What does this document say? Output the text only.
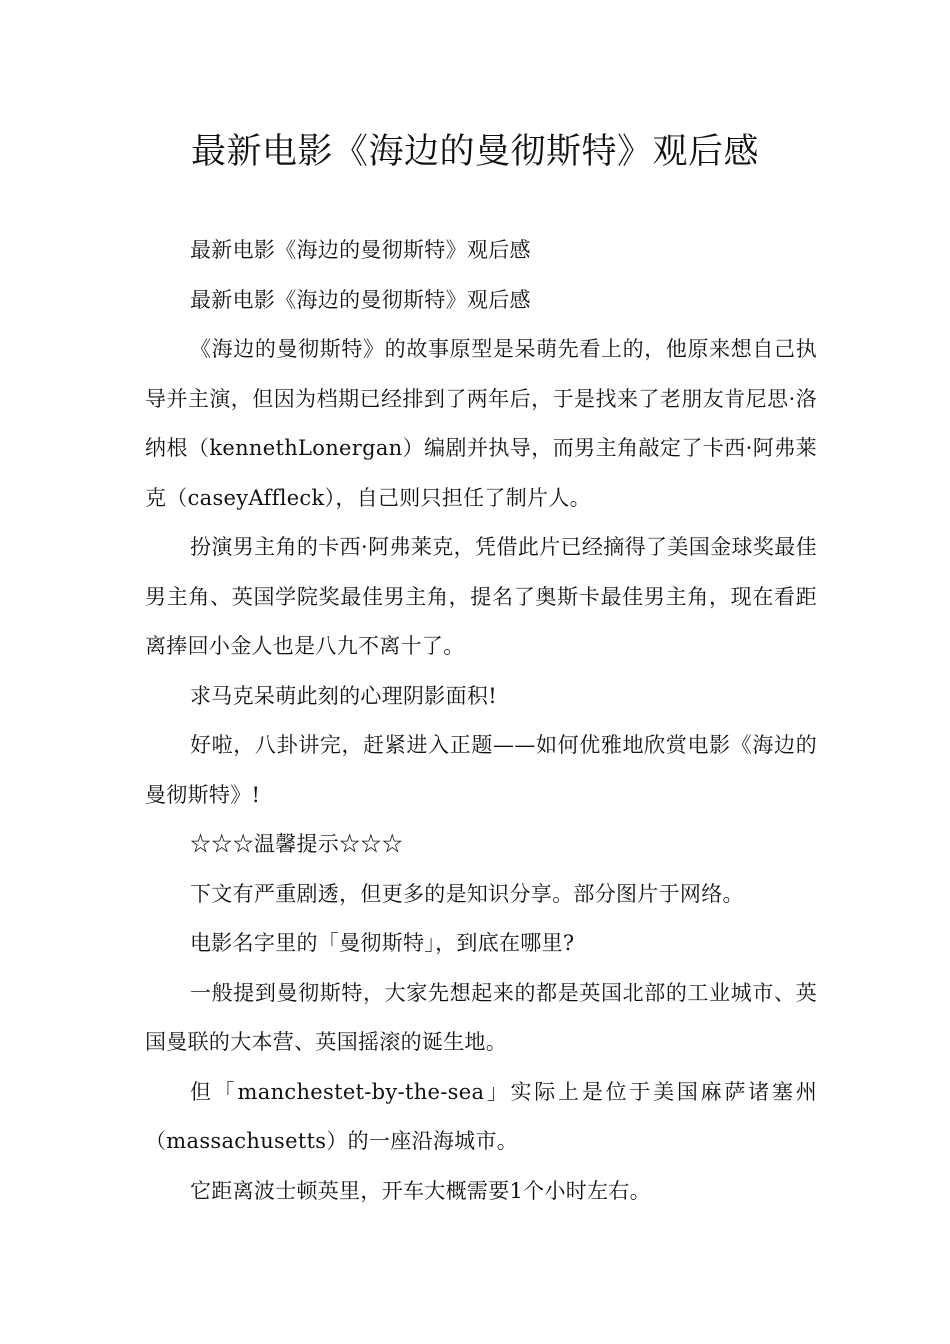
最新电影《海边的曼彻斯特》观后感

最新电影《海边的曼彻斯特》观后感

最新电影《海边的曼彻斯特》观后感

《海边的曼彻斯特》的故事原型是呆萌先看上的，他原来想自己执导并主演，但因为档期已经排到了两年后，于是找来了老朋友肯尼思·洛纳根（kennethLonergan）编剧并执导，而男主角敲定了卡西·阿弗莱克（caseyAffleck），自己则只担任了制片人。

扮演男主角的卡西·阿弗莱克，凭借此片已经摘得了美国金球奖最佳男主角、英国学院奖最佳男主角，提名了奥斯卡最佳男主角，现在看距离捧回小金人也是八九不离十了。

求马克呆萌此刻的心理阴影面积!

好啦，八卦讲完，赶紧进入正题——如何优雅地欣赏电影《海边的曼彻斯特》!

☆☆☆温馨提示☆☆☆

下文有严重剧透，但更多的是知识分享。部分图片于网络。

电影名字里的「曼彻斯特」，到底在哪里?

一般提到曼彻斯特，大家先想起来的都是英国北部的工业城市、英国曼联的大本营、英国摇滚的诞生地。

但「manchestet-by-the-sea」实际上是位于美国麻萨诸塞州（massachusetts）的一座沿海城市。

它距离波士顿英里，开车大概需要1个小时左右。
